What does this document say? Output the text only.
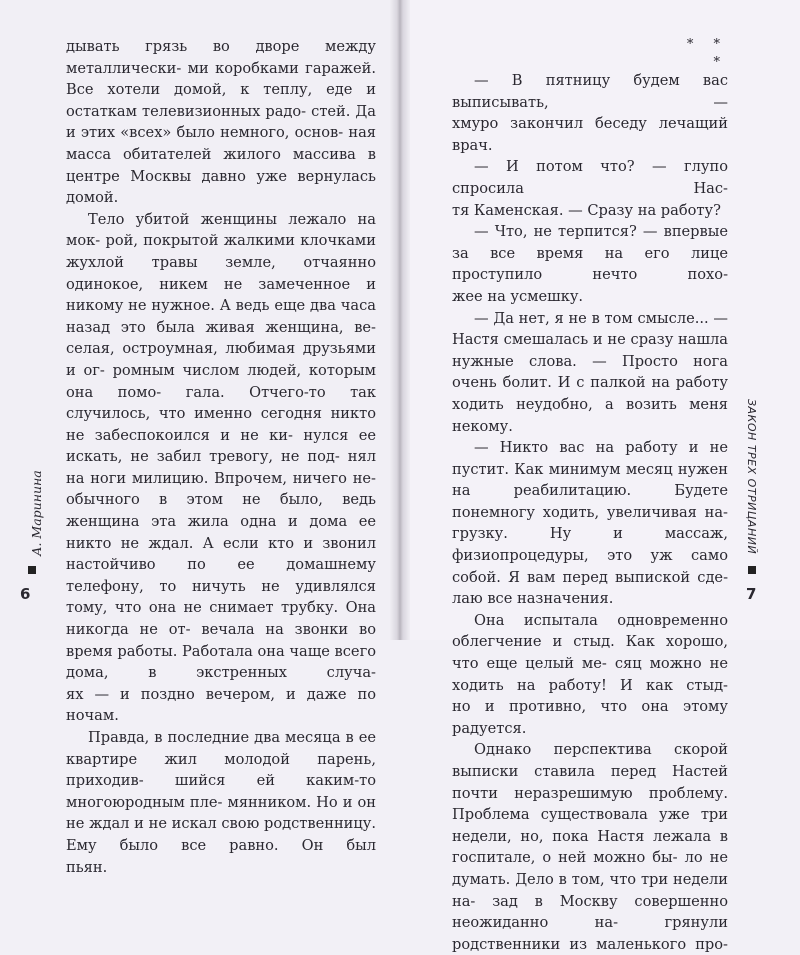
дывать грязь во дворе между металлически- ми коробками гаражей. Все хотели домой, к теплу, еде и остаткам телевизионных радо- стей. Да и этих «всех» было немного, основ- ная масса обитателей жилого массива в

центре Москвы давно уже вернулась домой.

Тело убитой женщины лежало на мок- рой, покрытой жалкими клочками жухлой травы земле, отчаянно одинокое, никем не замеченное и никому не нужное. А ведь еще два часа назад это была живая женщина, ве- селая, остроумная, любимая друзьями и ог- ромным числом людей, которым она помо- гала. Отчего-то так случилось, что именно сегодня никто не забеспокоился и не ки- нулся ее искать, не забил тревогу, не под- нял на ноги милицию. Впрочем, ничего не- обычного в этом не было, ведь женщина эта жила одна и дома ее никто не ждал. А если кто и звонил настойчиво по ее домашнему телефону, то ничуть не удивлялся тому, что она не снимает трубку. Она никогда не от- вечала на звонки во время работы. Работала она чаще всего дома, в экстренных случа-

ях — и поздно вечером, и даже по ночам.

Правда, в последние два месяца в ее квартире жил молодой парень, приходив- шийся ей каким-то многоюродным пле- мянником. Но и он не ждал и не искал свою родственницу. Ему было все равно. Он был

пьян.

* * *

— В пятницу будем вас выписывать, —

хмуро закончил беседу лечащий врач.

— И потом что? — глупо спросила Нас-

тя Каменская. — Сразу на работу?

— Что, не терпится? — впервые за все время на его лице проступило нечто похо-

жее на усмешку.

— Да нет, я не в том смысле... — Настя смешалась и не сразу нашла нужные слова. — Просто нога очень болит. И с палкой на работу ходить неудобно, а возить меня

некому.

— Никто вас на работу и не пустит. Как минимум месяц нужен на реабилитацию.	Будете понемногу ходить, увеличивая на- грузку. Ну и массаж, физиопроцедуры, это уж само собой. Я вам перед выпиской сде-

лаю все назначения.

Она испытала одновременно облегчение и стыд. Как хорошо, что еще целый ме- сяц можно не ходить на работу! И как стыд-

но и противно, что она этому радуется.

Однако перспектива скорой выписки ставила перед Настей почти неразрешимую проблему. Проблема существовала уже три недели, но, пока Настя лежала в госпитале, о ней можно бы- ло не думать. Дело в том, что три недели на- зад в Москву совершенно неожиданно на-	грянули родственники из маленького про-

А. Маринина
6
ЗАКОН ТРЕХ ОТРИЦАНИЙ
7
